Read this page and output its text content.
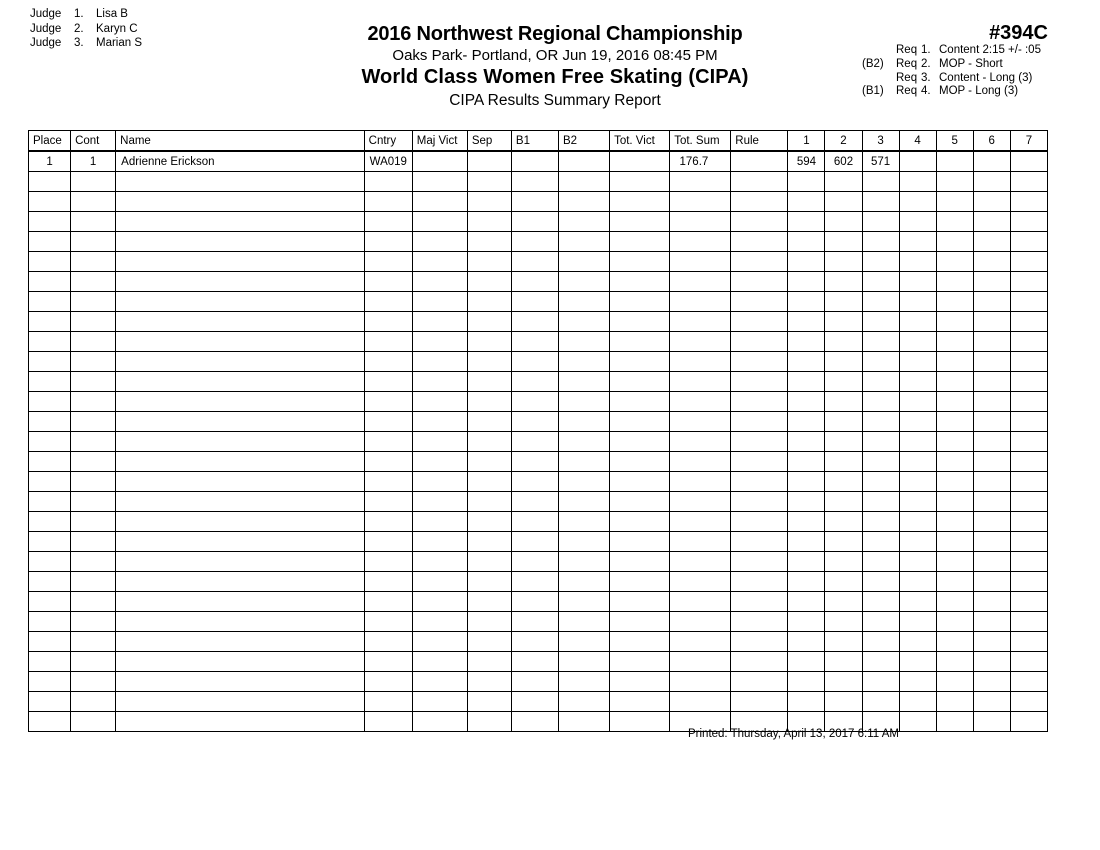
Judge 1. Lisa B
Judge 2. Karyn C
Judge 3. Marian S	2016 Northwest Regional Championship
Oaks Park- Portland, OR Jun 19, 2016 08:45 PM
World Class Women Free Skating (CIPA)
CIPA Results Summary Report
#394C
Req 1. Content 2:15 +/- :05
(B2) Req 2. MOP - Short
Req 3. Content - Long (3)
(B1) Req 4. MOP - Long (3)
Place	Cont	Name	Cntry	Maj Vict	Sep	B1	B2	Tot. Vict	Tot. Sum	Rule	1	2	3	4	5	6	7
1	1	Adrienne Erickson	WA019						176.7		594	602	571				

Printed: Thursday, April 13, 2017 6:11 AM
